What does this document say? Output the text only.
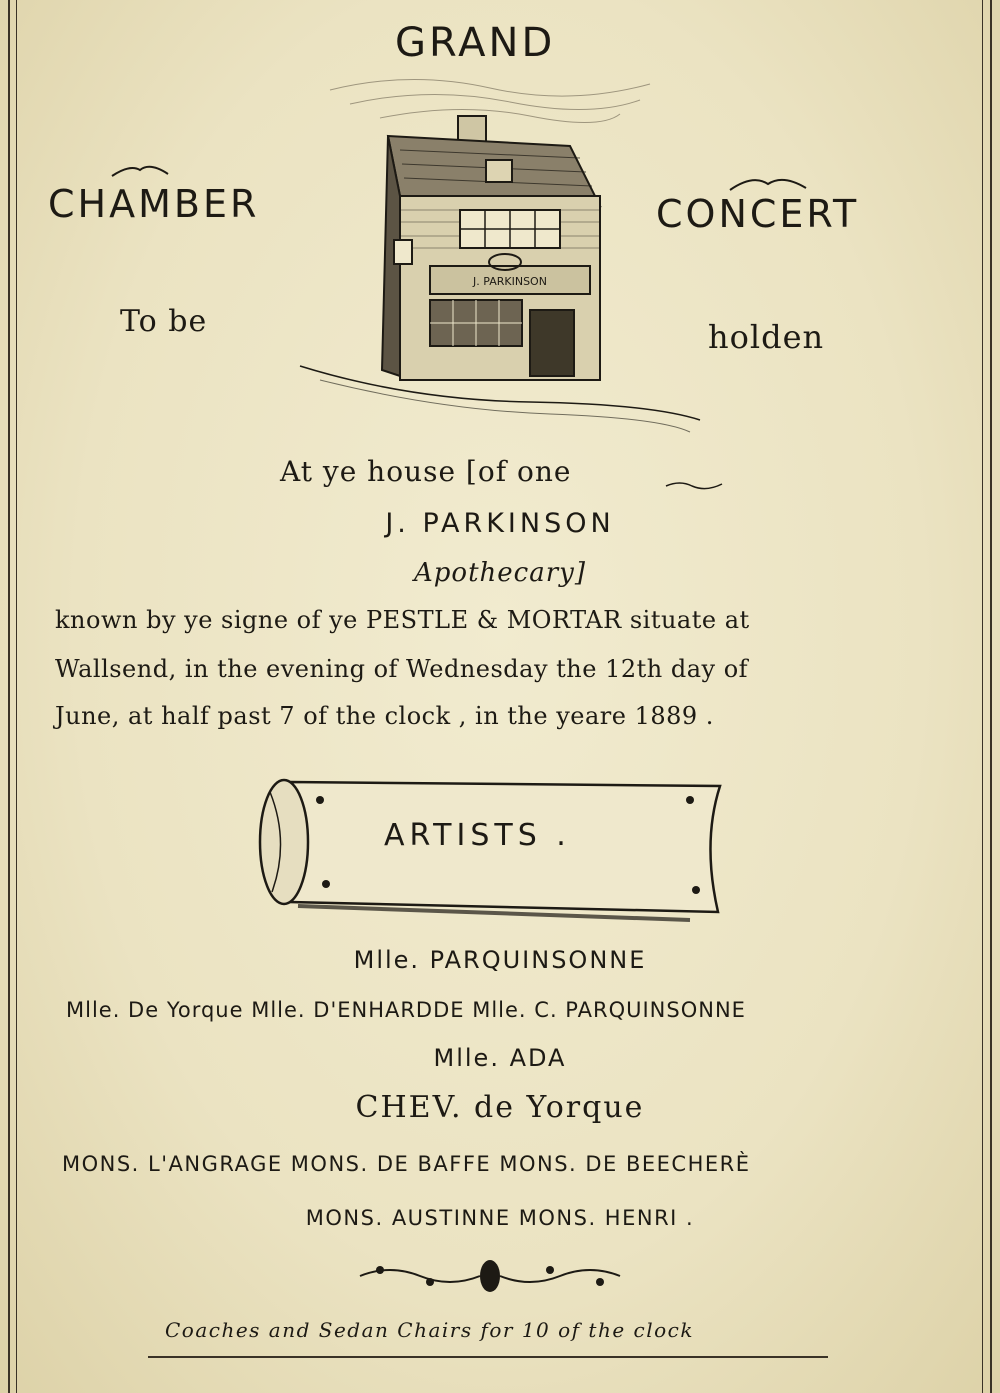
GRAND
CHAMBER	CONCERT
To be	holden
J. PARKINSON
At ye house [of one
J. PARKINSON
Apothecary]
known by ye signe of ye PESTLE & MORTAR situate at
Wallsend, in the evening of Wednesday the 12th day of
June, at half past 7 of the clock , in the yeare 1889 .
ARTISTS .
Mlle. PARQUINSONNE
Mlle. De Yorque Mlle. D'ENHARDDE Mlle. C. PARQUINSONNE
Mlle. ADA
CHEV. de Yorque
MONS. L'ANGRAGE MONS. DE BAFFE MONS. DE BEECHERÈ
MONS. AUSTINNE MONS. HENRI .
Coaches and Sedan Chairs for 10 of the clock
